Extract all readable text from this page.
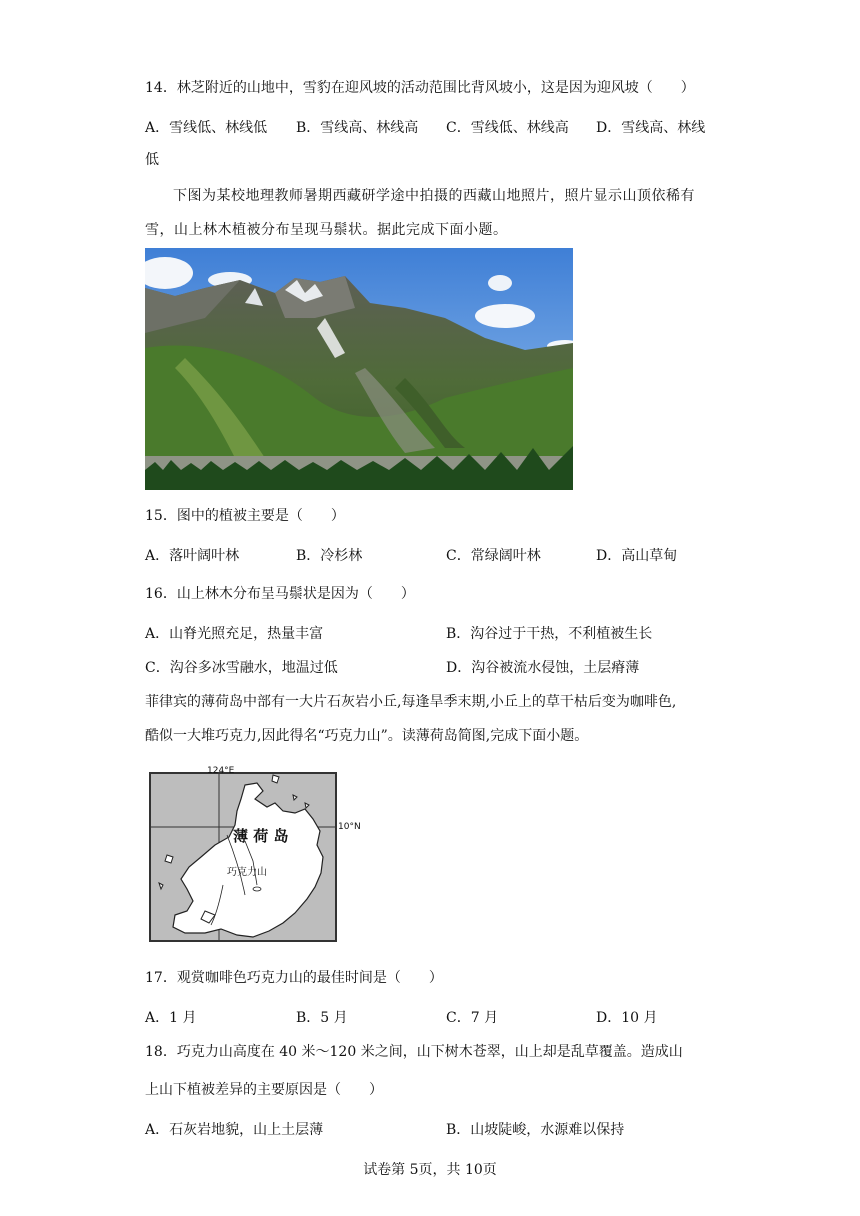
14．林芝附近的山地中，雪豹在迎风坡的活动范围比背风坡小，这是因为迎风坡（　　）
A．雪线低、林线低 B．雪线高、林线高 C．雪线低、林线高 D．雪线高、林线
低
下图为某校地理教师暑期西藏研学途中拍摄的西藏山地照片，照片显示山顶依稀有
雪，山上林木植被分布呈现马鬃状。据此完成下面小题。
15．图中的植被主要是（　　）
A．落叶阔叶林	B．冷杉林	C．常绿阔叶林	D．高山草甸
16．山上林木分布呈马鬃状是因为（　　）
A．山脊光照充足，热量丰富	B．沟谷过于干热，不利植被生长
C．沟谷多冰雪融水，地温过低	D．沟谷被流水侵蚀，土层瘠薄
菲律宾的薄荷岛中部有一大片石灰岩小丘,每逢旱季末期,小丘上的草干枯后变为咖啡色,
酷似一大堆巧克力,因此得名“巧克力山”。读薄荷岛简图,完成下面小题。
124°E
10°N
薄 荷 岛
巧克力山
17．观赏咖啡色巧克力山的最佳时间是（　　）
A．1 月	B．5 月	C．7 月	D．10 月
18．巧克力山高度在 40 米～120 米之间，山下树木苍翠，山上却是乱草覆盖。造成山
上山下植被差异的主要原因是（　　）
A．石灰岩地貌，山上土层薄	B．山坡陡峻，水源难以保持
试卷第 5页，共 10页
